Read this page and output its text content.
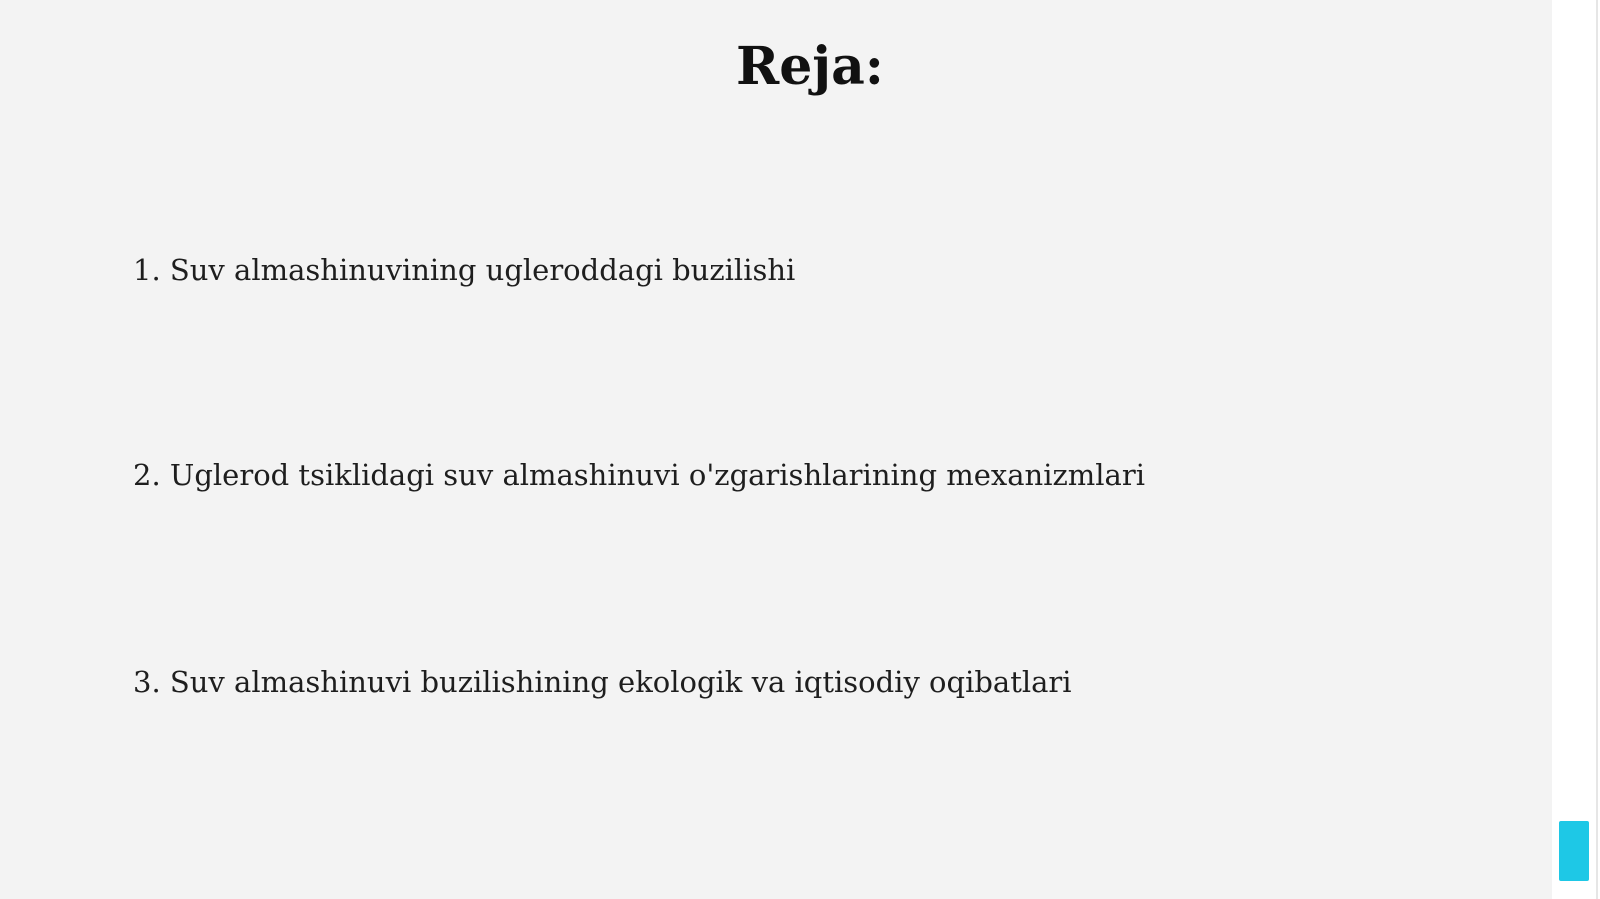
Reja:

1. Suv almashinuvining ugleroddagi buzilishi

2. Uglerod tsiklidagi suv almashinuvi o'zgarishlarining mexanizmlari

3. Suv almashinuvi buzilishining ekologik va iqtisodiy oqibatlari
